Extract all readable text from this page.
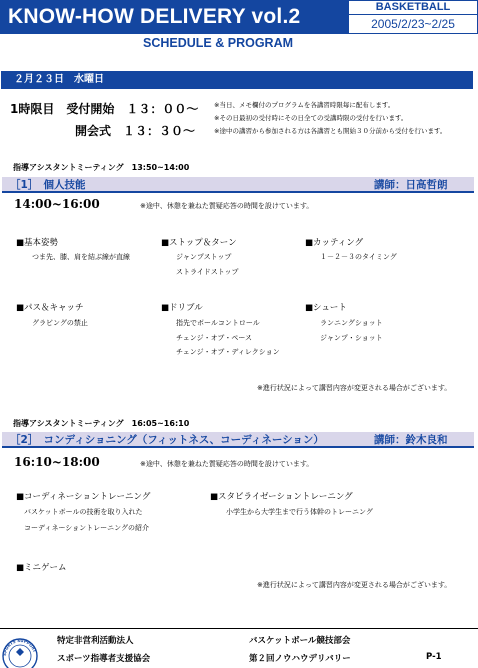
KNOW-HOW DELIVERY vol.2	BASKETBALL
2005/2/23~2/25
SCHEDULE & PROGRAM
２月２３日　水曜日
1時限目　受付開始　１３：００～
開会式　１３：３０～
※当日、メモ欄付のプログラムを各講習時限毎に配布します。
※その日最初の受付時にその日全ての受講時限の受付を行います。
※途中の講習から参加される方は各講習とも開始３０分前から受付を行います。
指導アシスタントミーティング　13:50~14:00
［1］　個人技能	講師：日高哲朗
14:00~16:00	※途中、休憩を兼ねた質疑応答の時間を設けています。
■基本姿勢
つま先、膝、肩を結ぶ線が直線
■ストップ＆ターン
ジャンプストップ
ストライドストップ
■カッティング
１－２－３のタイミング
■パス＆キャッチ
グラビングの禁止
■ドリブル
指先でボールコントロール
チェンジ・オブ・ペース
チェンジ・オブ・ディレクション
■シュート
ランニングショット
ジャンプ・ショット
※進行状況によって講習内容が変更される場合がございます。
指導アシスタントミーティング　16:05~16:10
［2］　コンディショニング（フィットネス、コーディネーション）	講師：鈴木良和
16:10~18:00	※途中、休憩を兼ねた質疑応答の時間を設けています。
■コーディネーショントレーニング
バスケットボールの技術を取り入れた
コーディネーショントレーニングの紹介
■スタビライゼーショントレーニング
小学生から大学生まで行う体幹のトレーニング
■ミニゲーム
※進行状況によって講習内容が変更される場合がございます。
SPORTS SUPPORT
特定非営利活動法人
スポーツ指導者支援協会
バスケットボール競技部会
第２回ノウハウデリバリー	P-1
